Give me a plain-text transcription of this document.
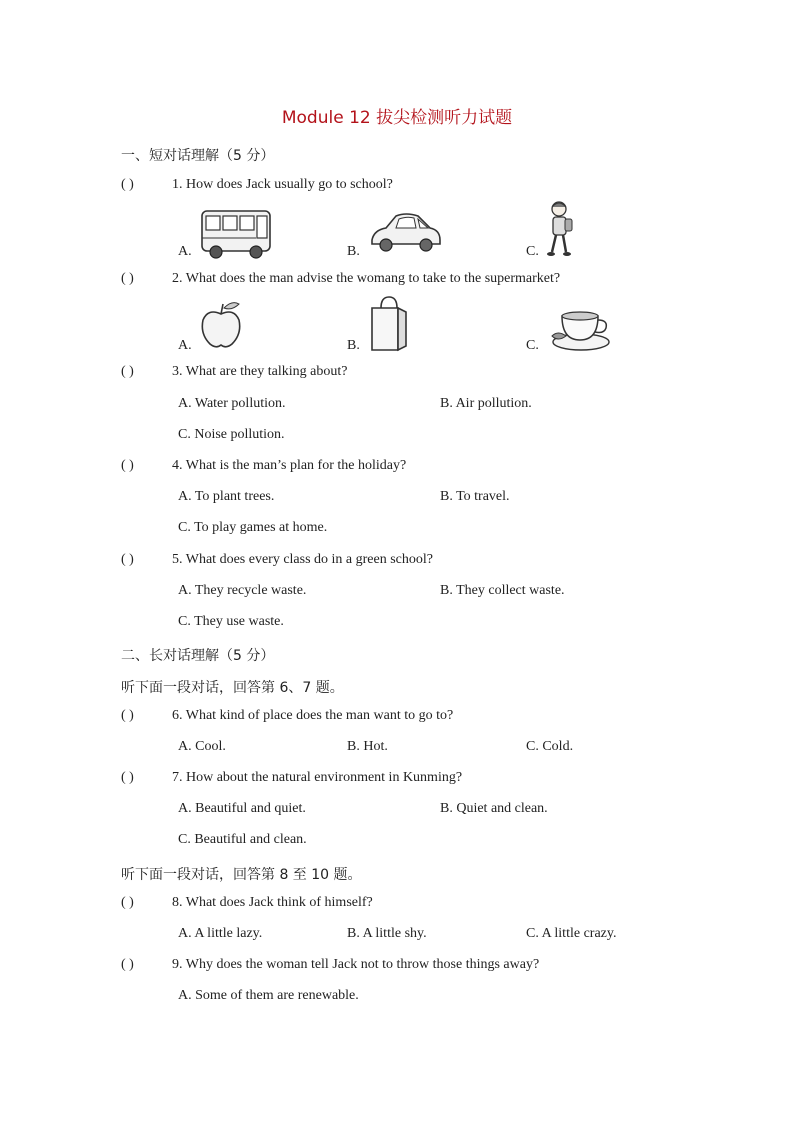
Module 12 拔尖检测听力试题
一、短对话理解（5 分）
( )	1. How does Jack usually go to school?
A.	B.	C.
( )	2. What does the man advise the womang to take to the supermarket?
A.	B.	C.
( )	3. What are they talking about?
A. Water pollution.	B. Air pollution.
C. Noise pollution.
( )	4. What is the man’s plan for the holiday?
A. To plant trees.	B. To travel.
C. To play games at home.
( )	5. What does every class do in a green school?
A. They recycle waste.	B. They collect waste.
C. They use waste.
二、长对话理解（5 分）
听下面一段对话，回答第 6、7 题。
( )	6. What kind of place does the man want to go to?
A. Cool.	B. Hot.	C. Cold.
( )	7. How about the natural environment in Kunming?
A. Beautiful and quiet.	B. Quiet and clean.
C. Beautiful and clean.
听下面一段对话，回答第 8 至 10 题。
( )	8. What does Jack think of himself?
A. A little lazy.	B. A little shy.	C. A little crazy.
( )	9. Why does the woman tell Jack not to throw those things away?
A. Some of them are renewable.
